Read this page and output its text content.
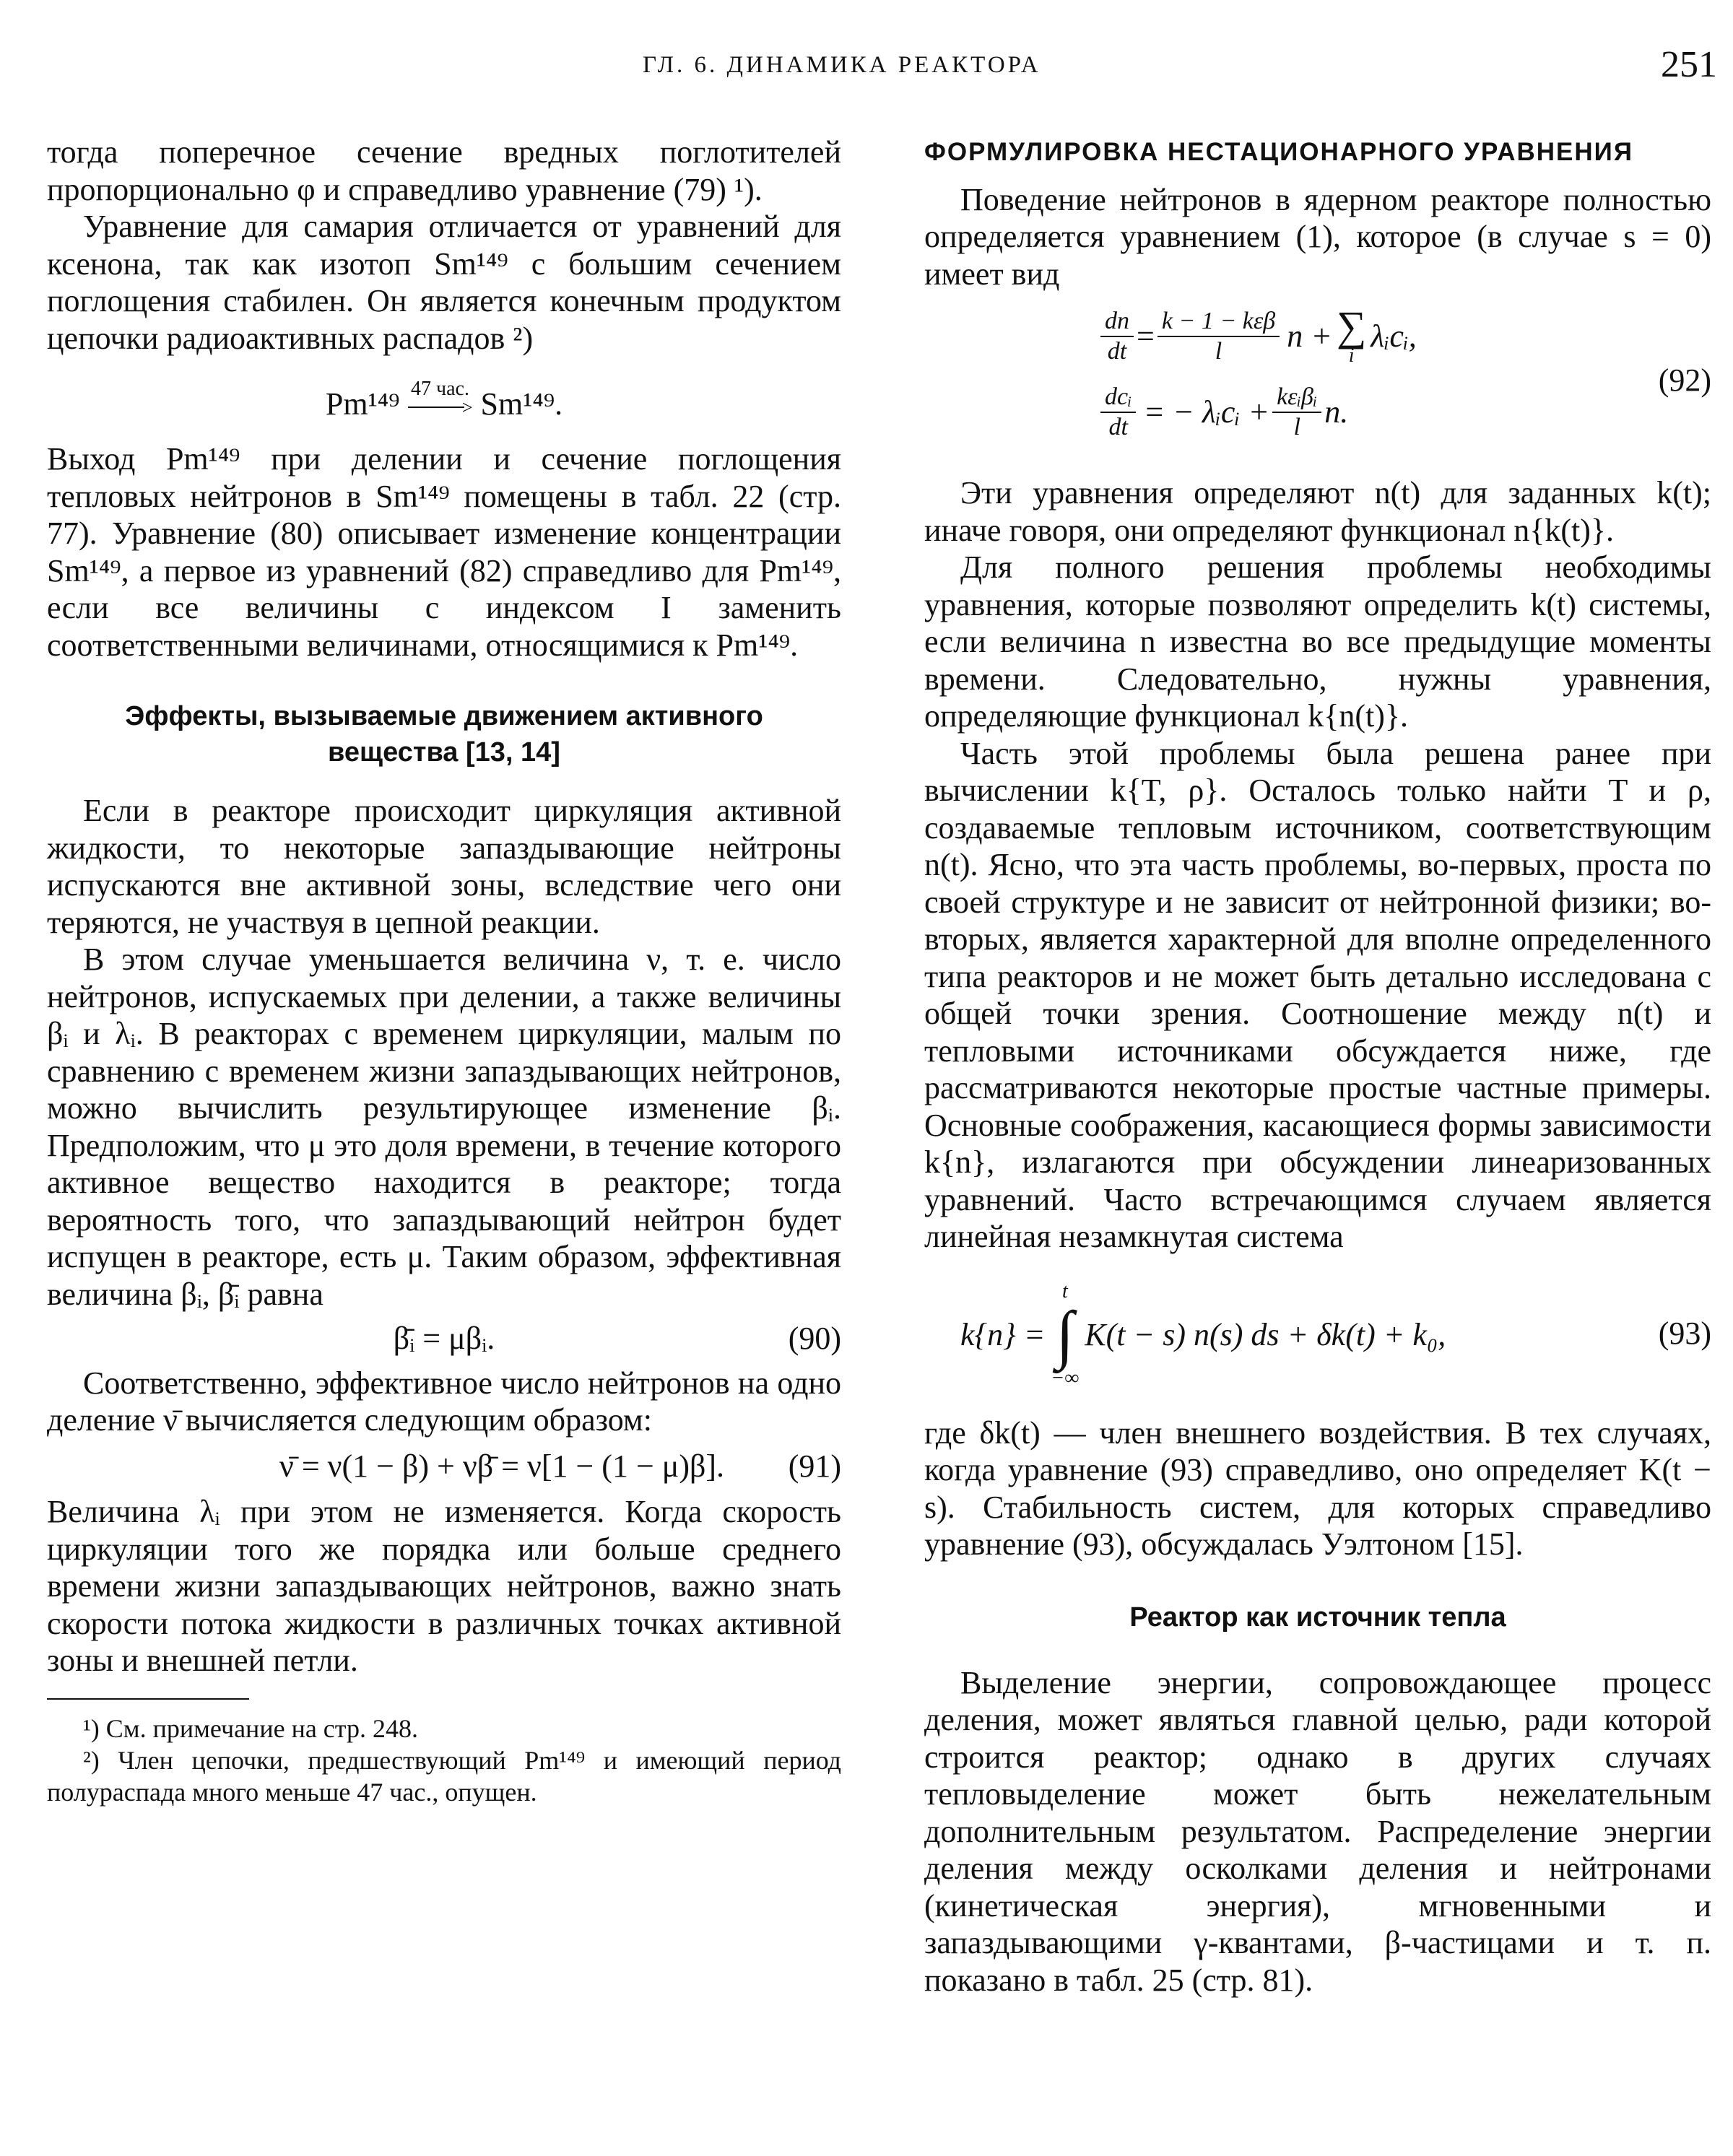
ГЛ. 6. ДИНАМИКА РЕАКТОРА	251

тогда поперечное сечение вредных поглотителей пропорционально φ и справедливо уравнение (79) ¹).

Уравнение для самария отличается от уравнений для ксенона, так как изотоп Sm¹⁴⁹ с большим сечением поглощения стабилен. Он является конечным продуктом цепочки радиоактивных распадов ²)

Pm¹⁴⁹ 47 час.
> Sm¹⁴⁹.

Выход Pm¹⁴⁹ при делении и сечение поглощения тепловых нейтронов в Sm¹⁴⁹ помещены в табл. 22 (стр. 77). Уравнение (80) описывает изменение концентрации Sm¹⁴⁹, а первое из уравнений (82) справедливо для Pm¹⁴⁹, если все величины с индексом I заменить соответственными величинами, относящимися к Pm¹⁴⁹.

Эффекты, вызываемые движением активного вещества [13, 14]

Если в реакторе происходит циркуляция активной жидкости, то некоторые запаздывающие нейтроны испускаются вне активной зоны, вследствие чего они теряются, не участвуя в цепной реакции.

В этом случае уменьшается величина ν, т. е. число нейтронов, испускаемых при делении, а также величины βᵢ и λᵢ. В реакторах с временем циркуляции, малым по сравнению с временем жизни запаздывающих нейтронов, можно вычислить результирующее изменение βᵢ. Предположим, что μ это доля времени, в течение которого активное вещество находится в реакторе; тогда вероятность того, что запаздывающий нейтрон будет испущен в реакторе, есть μ. Таким образом, эффективная величина βᵢ, β̄ᵢ равна

β̄ᵢ = μβᵢ.	(90)

Соответственно, эффективное число нейтронов на одно деление ν̄ вычисляется следующим образом:

ν̄ = ν(1 − β) + νβ̄ = ν[1 − (1 − μ)β]. (91)

Величина λᵢ при этом не изменяется. Когда скорость циркуляции того же порядка или больше среднего времени жизни запаздывающих нейтронов, важно знать скорости потока жидкости в различных точках активной зоны и внешней петли.

¹) См. примечание на стр. 248.

²) Член цепочки, предшествующий Pm¹⁴⁹ и имеющий период полураспада много меньше 47 час., опущен.

ФОРМУЛИРОВКА НЕСТАЦИОНАРНОГО УРАВНЕНИЯ

Поведение нейтронов в ядерном реакторе полностью определяется уравнением (1), которое (в случае s = 0) имеет вид

$\frac{dn}{dt} = \frac{\text{k − 1 − kεβ}}{l}$ n + ∑
i
λᵢcᵢ,
$\frac{\text{dcᵢ}}{dt}$ = − λᵢcᵢ + $\frac{\text{kεᵢβᵢ}}{l} n$.
(92)

Эти уравнения определяют n(t) для заданных k(t); иначе говоря, они определяют функционал n{k(t)}.

Для полного решения проблемы необходимы уравнения, которые позволяют определить k(t) системы, если величина n известна во все предыдущие моменты времени. Следовательно, нужны уравнения, определяющие функционал k{n(t)}.

Часть этой проблемы была решена ранее при вычислении k{T, ρ}. Осталось только найти T и ρ, создаваемые тепловым источником, соответствующим n(t). Ясно, что эта часть проблемы, во-первых, проста по своей структуре и не зависит от нейтронной физики; во-вторых, является характерной для вполне определенного типа реакторов и не может быть детально исследована с общей точки зрения. Соотношение между n(t) и тепловыми источниками обсуждается ниже, где рассматриваются некоторые простые частные примеры. Основные соображения, касающиеся формы зависимости k{n}, излагаются при обсуждении линеаризованных уравнений. Часто встречающимся случаем является линейная незамкнутая система

k{n} =
t
∫
−∞
K(t − s) n(s) ds + δk(t) + k₀,	(93)

где δk(t) — член внешнего воздействия. В тех случаях, когда уравнение (93) справедливо, оно определяет K(t − s). Стабильность систем, для которых справедливо уравнение (93), обсуждалась Уэлтоном [15].

Реактор как источник тепла

Выделение энергии, сопровождающее процесс деления, может являться главной целью, ради которой строится реактор; однако в других случаях тепловыделение может быть нежелательным дополнительным результатом. Распределение энергии деления между осколками деления и нейтронами (кинетическая энергия), мгновенными и запаздывающими γ-квантами, β-частицами и т. п. показано в табл. 25 (стр. 81).
